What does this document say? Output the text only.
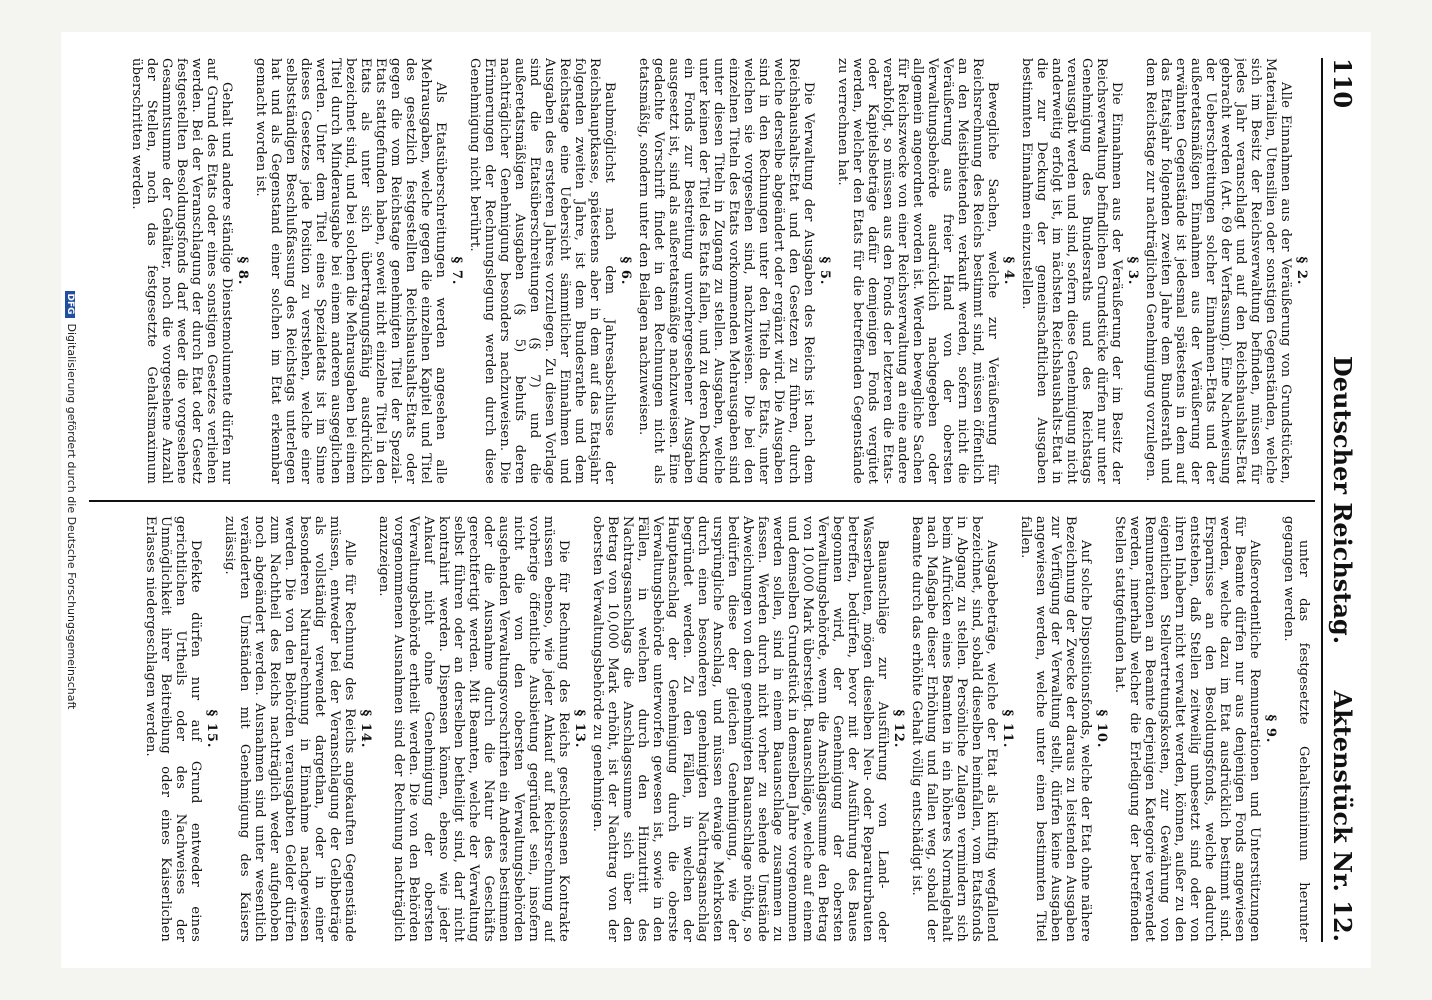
110
Deutscher Reichstag.
Aktenstück Nr. 12.

§ 2.

Alle Einnahmen aus der Veräußerung von Grundstücken, Materialien, Utensilien oder sonstigen Gegenständen, welche sich im Besitz der Reichsverwaltung befinden, müssen für jedes Jahr veranschlagt und auf den Reichshaushalts-Etat gebracht werden (Art. 69 der Verfassung). Eine Nachweisung der Ueberschreitungen solcher Einnahmen-Etats und der außeretatsmäßigen Einnahmen aus der Veräußerung der erwähnten Gegenstände ist jedesmal spätestens in dem auf das Etatsjahr folgenden zweiten Jahre dem Bundesrath und dem Reichstage zur nachträglichen Genehmigung vorzulegen.

§ 3.

Die Einnahmen aus der Veräußerung der im Besitz der Reichsverwaltung befindlichen Grundstücke dürfen nur unter Genehmigung des Bundesraths und des Reichstags verausgabt werden und sind, sofern diese Genehmigung nicht anderweitig erfolgt ist, im nächsten Reichshaushalts-Etat in die zur Deckung der gemeinschaftlichen Ausgaben bestimmten Einnahmen einzustellen.

§ 4.

Bewegliche Sachen, welche zur Veräußerung für Reichsrechnung des Reichs bestimmt sind, müssen öffentlich an den Meistbietenden verkauft werden, sofern nicht die Veräußerung aus freier Hand von der obersten Verwaltungsbehörde ausdrücklich nachgegeben oder allgemein angeordnet worden ist. Werden bewegliche Sachen für Reichszwecke von einer Reichsverwaltung an eine andere verabfolgt, so müssen aus den Fonds der letzteren die Etats- oder Kapitelsbeträge dafür demjenigen Fonds vergütet werden, welcher den Etats für die betreffenden Gegenstände zu verrechnen hat.

§ 5.

Die Verwaltung der Ausgaben des Reichs ist nach dem Reichshaushalts-Etat und den Gesetzen zu führen, durch welche derselbe abgeändert oder ergänzt wird. Die Ausgaben sind in den Rechnungen unter den Titeln des Etats, unter welchen sie vorgesehen sind, nachzuweisen. Die bei den einzelnen Titeln des Etats vorkommenden Mehrausgaben sind unter diesen Titeln in Zugang zu stellen. Ausgaben, welche unter keinen der Titel des Etats fallen, und zu deren Deckung ein Fonds zur Bestreitung unvorhergesehener Ausgaben ausgesetzt ist, sind als außeretatsmäßige nachzuweisen. Eine gedachte Vorschrift findet in den Rechnungen nicht als etatsmäßig, sondern unter den Beilagen nachzuweisen.

§ 6.

Baubmöglichst nach dem Jahresabschlusse der Reichshauptkasse, spätestens aber in dem auf das Etatsjahr folgenden zweiten Jahre, ist dem Bundesrathe und dem Reichstage eine Uebersicht sämmtlicher Einnahmen und Ausgaben des ersteren Jahres vorzulegen. Zu diesen Vorlage sind die Etatsüberschreitungen (§ 7) und die außeretatsmäßigen Ausgaben (§ 5) behufs deren nachträglicher Genehmigung besonders nachzuweisen. Die Erinnerungen der Rechnungslegung werden durch diese Genehmigung nicht berührt.

§ 7.

Als Etatsüberschreitungen werden angesehen alle Mehrausgaben, welche gegen die einzelnen Kapitel und Titel des gesetzlich festgestellten Reichshaushalts-Etats oder gegen die vom Reichstage genehmigten Titel der Spezial-Etats stattgefunden haben, soweit nicht einzelne Titel in den Etats als unter sich übertragungsfähig ausdrücklich bezeichnet sind, und bei solchen die Mehrausgaben bei einem Titel durch Minderausgabe bei einem anderen ausgeglichen werden. Unter dem Titel eines Spezialetats ist im Sinne dieses Gesetzes jede Position zu verstehen, welche einer selbstständigen Beschlußfassung des Reichstags unterlegen hat und als Gegenstand einer solchen im Etat erkennbar gemacht worden ist.

§ 8.

Gehalt und andere ständige Dienstemolumente dürfen nur auf Grund des Etats oder eines sonstigen Gesetzes verliehen werden. Bei der Veranschlagung der durch Etat oder Gesetz festgestellten Besoldungsfonds darf weder die vorgesehene Gesammtsumme der Gehälter, noch die vorgesehene Anzahl der Stellen, noch das festgesetzte Gehaltsmaximum überschritten werden.

unter das festgesetzte Gehaltsminimum herunter gegangen werden.

§ 9.

Außerordentliche Remunerationen und Unterstützungen für Beamte dürfen nur aus denjenigen Fonds angewiesen werden, welche dazu im Etat ausdrücklich bestimmt sind. Ersparnisse an den Besoldungsfonds, welche dadurch entstehen, daß Stellen zeitweilig unbesetzt sind oder von ihren Inhabern nicht verwaltet werden, können, außer zu den eigentlichen Stellvertretungskosten, zur Gewährung von Remunerationen an Beamte derjenigen Kategorie verwendet werden, innerhalb welcher die Erledigung der betreffenden Stellen stattgefunden hat.

§ 10.

Auf solche Dispositionsfonds, welche der Etat ohne nähere Bezeichnung der Zwecke der daraus zu leistenden Ausgaben zur Verfügung der Verwaltung stellt, dürfen keine Ausgaben angewiesen werden, welche unter einen bestimmten Titel fallen.

§ 11.

Ausgabebeträge, welche der Etat als künftig wegfallend bezeichnet, sind, sobald dieselben heimfallen, vom Etatsfonds in Abgang zu stellen. Persönliche Zulagen vermindern sich beim Aufrücken eines Beamten in ein höheres Normalgehalt nach Maßgabe dieser Erhöhung und fallen weg, sobald der Beamte durch das erhöhte Gehalt völlig entschädigt ist.

§ 12.

Bauanschläge zur Ausführung von Land- oder Wasserbauten, mögen dieselben Neu- oder Reparaturbauten betreffen, bedürfen, bevor mit der Ausführung des Baues begonnen wird, der Genehmigung der obersten Verwaltungsbehörde, wenn die Anschlagssumme den Betrag von 10,000 Mark übersteigt. Bauanschläge, welche auf einem und demselben Grundstück in demselben Jahre vorgenommen werden sollen, sind in einem Bauanschlage zusammen zu fassen. Werden durch nicht vorher zu sehende Umstände Abweichungen von dem genehmigten Bauanschlage nöthig, so bedürfen diese der gleichen Genehmigung, wie der ursprüngliche Anschlag, und müssen etwaige Mehrkosten durch einen besonderen genehmigten Nachtragsanschlag begründet werden. Zu den Fällen, in welchen der Hauptanschlag der Genehmigung durch die oberste Verwaltungsbehörde unterworfen gewesen ist, sowie in den Fällen, in welchen durch den Hinzutritt des Nachtragsanschlags die Anschlagssumme sich über den Betrag von 10,000 Mark erhöht, ist der Nachtrag von der obersten Verwaltungsbehörde zu genehmigen.

§ 13.

Die für Rechnung des Reichs geschlossenen Kontrakte müssen ebenso, wie jeder Ankauf auf Reichsrechnung auf vorherige öffentliche Ausbietung gegründet sein, insofern nicht die von den obersten Verwaltungsbehörden ausgehenden Verwaltungsvorschriften ein Anderes bestimmen oder die Ausnahme durch die Natur des Geschäfts gerechtfertigt werden. Mit Beamten, welche der Verwaltung selbst führen oder an derselben betheiligt sind, darf nicht kontrahirt werden. Dispensen können, ebenso wie jeder Ankauf nicht ohne Genehmigung der obersten Verwaltungsbehörde ertheilt werden. Die von den Behörden vorgenommenen Ausnahmen sind der Rechnung nachträglich anzuzeigen.

§ 14.

Alle für Rechnung des Reichs angekauften Gegenstände müssen, entweder bei der Veranschlagung der Gelbbeträge als vollständig verwendet dargethan, oder in einer besonderen Naturalrechnung in Einnahme nachgewiesen werden. Die von den Behörden verausgabten Gelder dürfen zum Nachtheil des Reichs nachträglich weder aufgehoben noch abgeändert werden. Ausnahmen sind unter wesentlich veränderten Umständen mit Genehmigung des Kaisers zulässig.

§ 15.

Defekte dürfen nur auf Grund entweder eines gerichtlichen Urtheils oder des Nachweises der Unmöglichkeit ihrer Beitreibung oder eines Kaiserlichen Erlasses niedergeschlagen werden.

DFGDigitalisierung gefördert durch die Deutsche Forschungsgemeinschaft
